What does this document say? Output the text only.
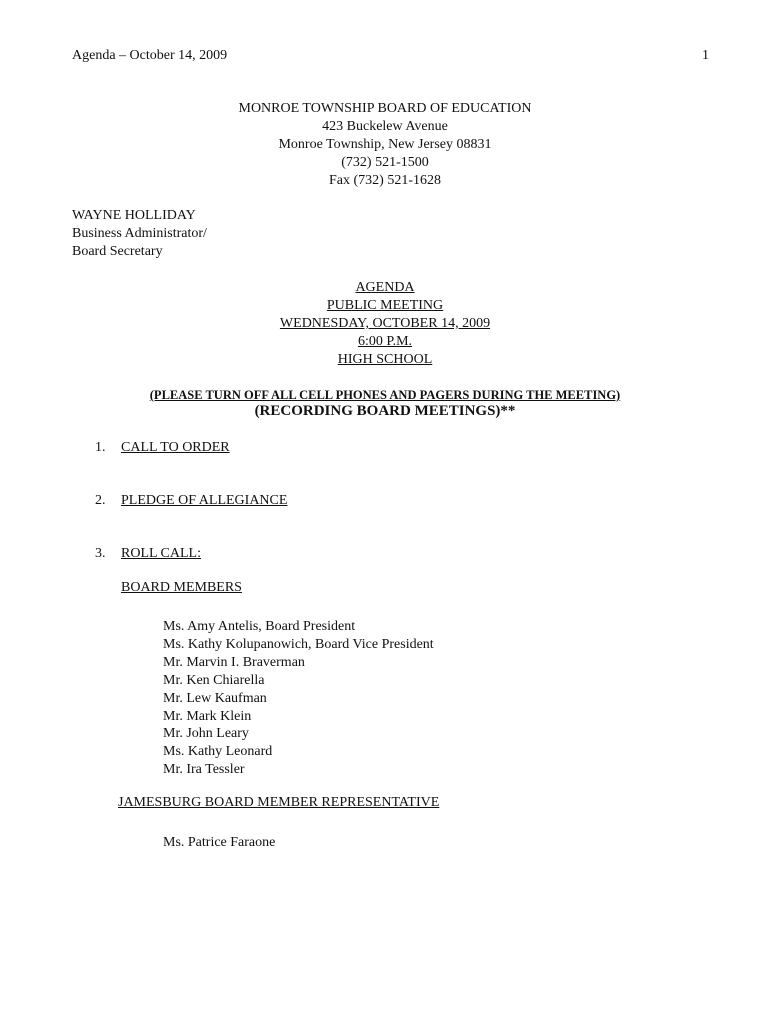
Agenda – October 14, 2009	1
MONROE TOWNSHIP BOARD OF EDUCATION
423 Buckelew Avenue
Monroe Township, New Jersey 08831
(732) 521-1500
Fax (732) 521-1628
WAYNE HOLLIDAY
Business Administrator/
Board Secretary
AGENDA
PUBLIC MEETING
WEDNESDAY, OCTOBER 14, 2009
6:00 P.M.
HIGH SCHOOL
(PLEASE TURN OFF ALL CELL PHONES AND PAGERS DURING THE MEETING)
(RECORDING BOARD MEETINGS)**
1. CALL TO ORDER
2. PLEDGE OF ALLEGIANCE
3. ROLL CALL:
BOARD MEMBERS
Ms. Amy Antelis, Board President
Ms. Kathy Kolupanowich, Board Vice President
Mr. Marvin I. Braverman
Mr. Ken Chiarella
Mr. Lew Kaufman
Mr. Mark Klein
Mr. John Leary
Ms. Kathy Leonard
Mr. Ira Tessler
JAMESBURG BOARD MEMBER REPRESENTATIVE
Ms. Patrice Faraone
